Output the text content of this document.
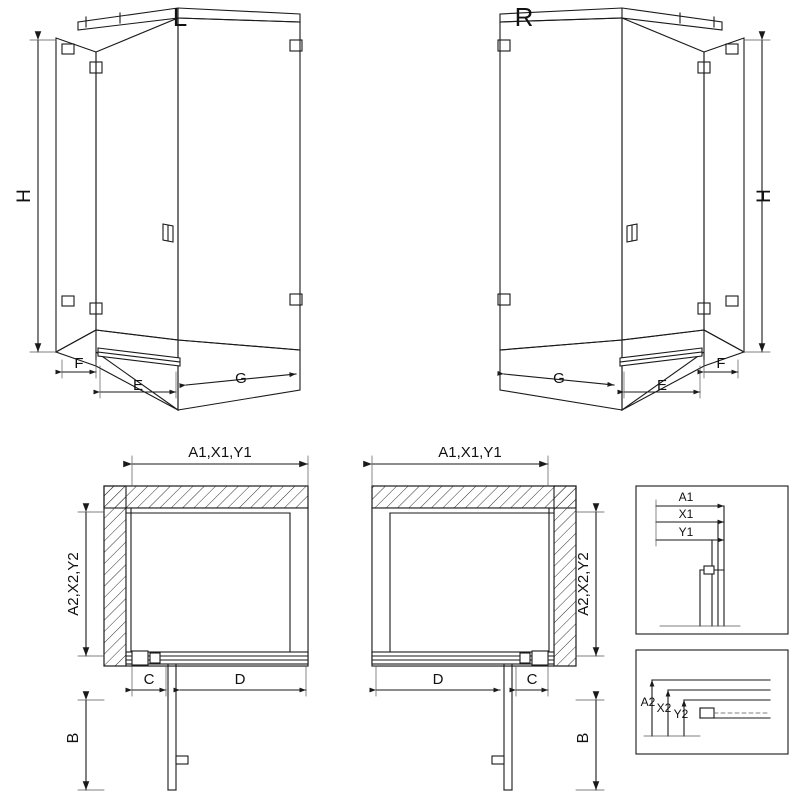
L	R
H	H
F
E	G	G	E
F
A1,X1,Y1	A1,X1,Y1
A2,X2,Y2	A2,X2,Y2
C	D	D	C
B	B
A1
X1
Y1
A2 X2 Y2
